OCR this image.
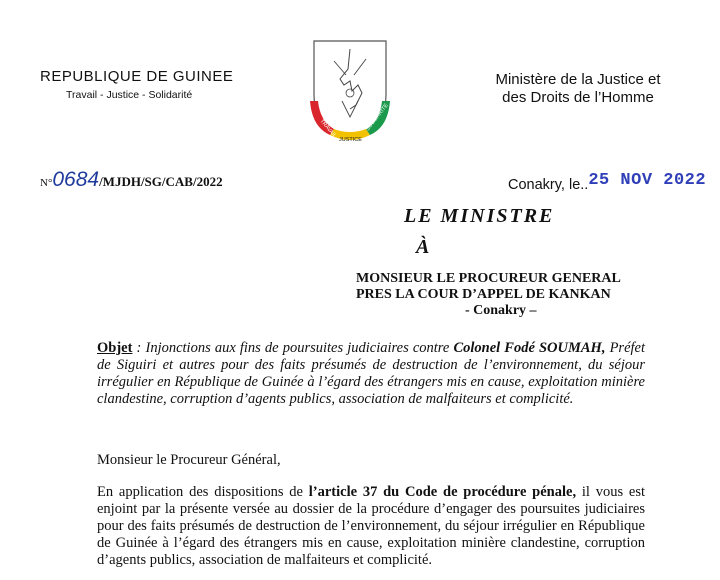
REPUBLIQUE DE GUINEE
Travail - Justice - Solidarité
TRAVAIL
JUSTICE
SOLIDARITE
Ministère de la Justice et
des Droits de l’Homme
N°0684/MJDH/SG/CAB/2022	Conakry, le..25 NOV 2022
LE MINISTRE
À
MONSIEUR LE PROCUREUR GENERAL
PRES LA COUR D’APPEL DE KANKAN
- Conakry –
Objet : Injonctions aux fins de poursuites judiciaires contre Colonel Fodé SOUMAH, Préfet de Siguiri et autres pour des faits présumés de destruction de l’environnement, du séjour irrégulier en République de Guinée à l’égard des étrangers mis en cause, exploitation minière clandestine, corruption d’agents publics, association de malfaiteurs et complicité.
Monsieur le Procureur Général,
En application des dispositions de l’article 37 du Code de procédure pénale, il vous est enjoint par la présente versée au dossier de la procédure d’engager des poursuites judiciaires pour des faits présumés de destruction de l’environnement, du séjour irrégulier en République de Guinée à l’égard des étrangers mis en cause, exploitation minière clandestine, corruption d’agents publics, association de malfaiteurs et complicité.
